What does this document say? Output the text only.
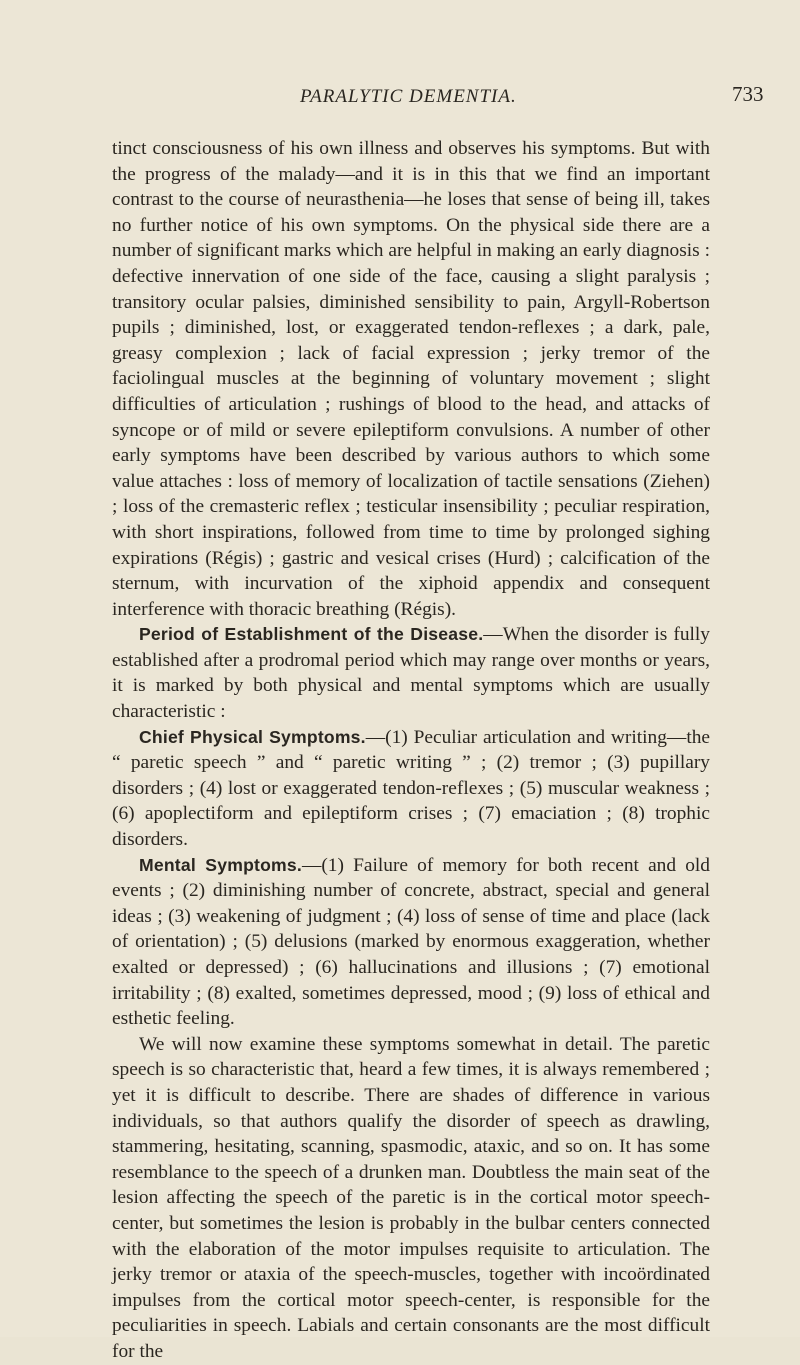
PARALYTIC DEMENTIA.	733

tinct consciousness of his own illness and observes his symptoms. But with the progress of the malady—and it is in this that we find an important contrast to the course of neurasthenia—he loses that sense of being ill, takes no further notice of his own symptoms. On the physical side there are a number of significant marks which are helpful in making an early diagnosis : defective innervation of one side of the face, causing a slight paralysis ; transitory ocular palsies, diminished sensibility to pain, Argyll-Robertson pupils ; diminished, lost, or exaggerated tendon-reflexes ; a dark, pale, greasy complexion ; lack of facial expression ; jerky tremor of the faciolingual muscles at the beginning of voluntary movement ; slight difficulties of articulation ; rushings of blood to the head, and attacks of syncope or of mild or severe epileptiform convulsions. A number of other early symptoms have been described by various authors to which some value attaches : loss of memory of localization of tactile sensations (Ziehen) ; loss of the cremasteric reflex ; testicular insensibility ; peculiar respiration, with short inspirations, followed from time to time by prolonged sighing expirations (Régis) ; gastric and vesical crises (Hurd) ; calcification of the sternum, with incurvation of the xiphoid appendix and consequent interference with thoracic breathing (Régis).

Period of Establishment of the Disease.—When the disorder is fully established after a prodromal period which may range over months or years, it is marked by both physical and mental symptoms which are usually characteristic :

Chief Physical Symptoms.—(1) Peculiar articulation and writing—the “ paretic speech ” and “ paretic writing ” ; (2) tremor ; (3) pupillary disorders ; (4) lost or exaggerated tendon-reflexes ; (5) muscular weakness ; (6) apoplectiform and epileptiform crises ; (7) emaciation ; (8) trophic disorders.

Mental Symptoms.—(1) Failure of memory for both recent and old events ; (2) diminishing number of concrete, abstract, special and general ideas ; (3) weakening of judgment ; (4) loss of sense of time and place (lack of orientation) ; (5) delusions (marked by enormous exaggeration, whether exalted or depressed) ; (6) hallucinations and illusions ; (7) emotional irritability ; (8) exalted, sometimes depressed, mood ; (9) loss of ethical and esthetic feeling.

We will now examine these symptoms somewhat in detail. The paretic speech is so characteristic that, heard a few times, it is always remembered ; yet it is difficult to describe. There are shades of difference in various individuals, so that authors qualify the disorder of speech as drawling, stammering, hesitating, scanning, spasmodic, ataxic, and so on. It has some resemblance to the speech of a drunken man. Doubtless the main seat of the lesion affecting the speech of the paretic is in the cortical motor speech-center, but sometimes the lesion is probably in the bulbar centers connected with the elaboration of the motor impulses requisite to articulation. The jerky tremor or ataxia of the speech-muscles, together with incoördinated impulses from the cortical motor speech-center, is responsible for the peculiarities in speech. Labials and certain consonants are the most difficult for the
